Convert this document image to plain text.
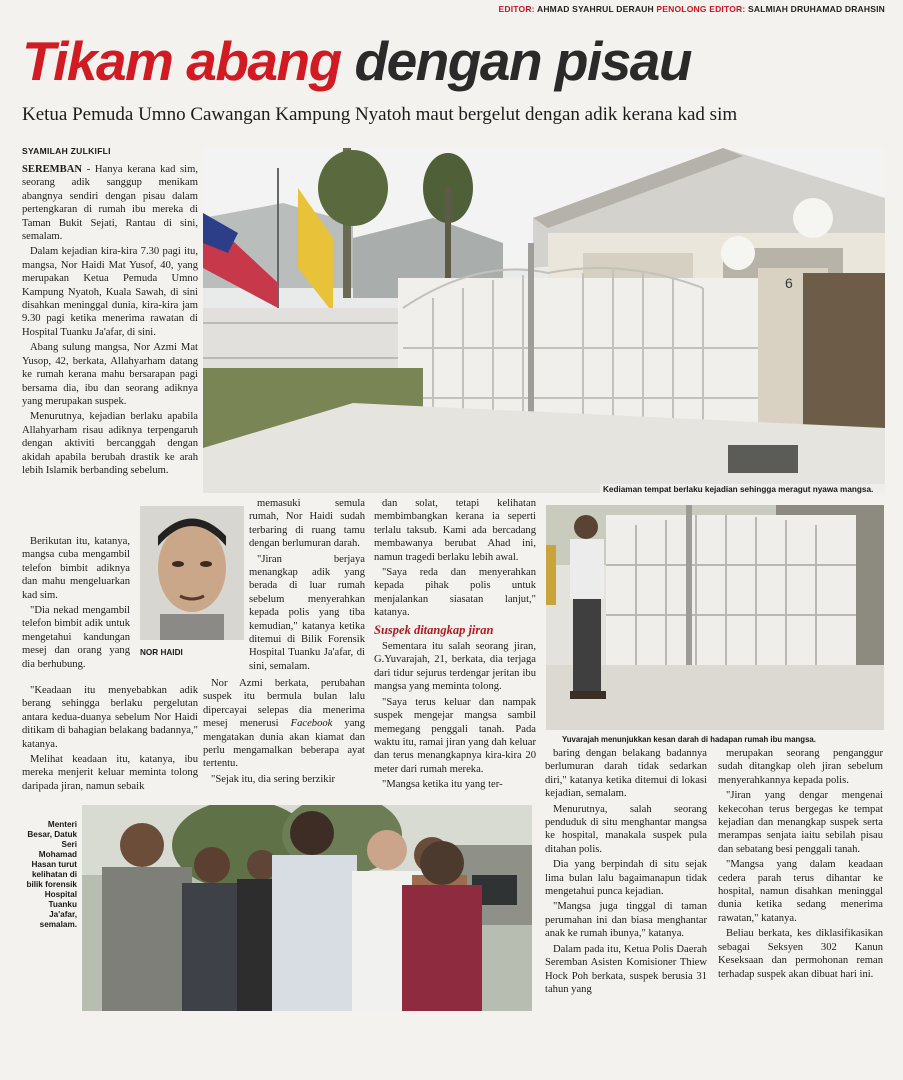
EDITOR: AHMAD SYAHRUL DERAUH PENOLONG EDITOR: SALMIAH DRUHAMAD DRAHSIN
Tikam abang dengan pisau
Ketua Pemuda Umno Cawangan Kampung Nyatoh maut bergelut dengan adik kerana kad sim
SYAMILAH ZULKIFLI

SEREMBAN - Hanya kerana kad sim, seorang adik sanggup menikam abangnya sendiri dengan pisau dalam pertengkaran di rumah ibu mereka di Taman Bukit Sejati, Rantau di sini, semalam.

Dalam kejadian kira-kira 7.30 pagi itu, mangsa, Nor Haidi Mat Yusof, 40, yang merupakan Ketua Pemuda Umno Kampung Nyatoh, Kuala Sawah, di sini disahkan meninggal dunia, kira-kira jam 9.30 pagi ketika menerima rawatan di Hospital Tuanku Ja'afar, di sini.

Abang sulung mangsa, Nor Azmi Mat Yusop, 42, berkata, Allahyarham datang ke rumah kerana mahu bersarapan pagi bersama dia, ibu dan seorang adiknya yang merupakan suspek.

Menurutnya, kejadian berlaku apabila Allahyarham risau adiknya terpengaruh dengan aktiviti bercanggah dengan akidah apabila berubah drastik ke arah lebih Islamik berbanding sebelum.

Berikutan itu, katanya, mangsa cuba mengambil telefon bimbit adiknya dan mahu mengeluarkan kad sim.

"Dia nekad mengambil telefon bimbit adik untuk mengetahui kandungan mesej dan orang yang dia berhubung.

"Keadaan itu menyebabkan adik berang sehingga berlaku pergelutan antara kedua-duanya sebelum Nor Haidi ditikam di bahagian belakang badannya," katanya.

Melihat keadaan itu, katanya, ibu mereka menjerit keluar meminta tolong daripada jiran, namun sebaik

6
Kediaman tempat berlaku kejadian sehingga meragut nyawa mangsa.
NOR HAIDI

memasuki semula rumah, Nor Haidi sudah terbaring di ruang tamu dengan berlumuran darah.

"Jiran berjaya menangkap adik yang berada di luar rumah sebelum menyerahkan kepada polis yang tiba kemudian," katanya ketika ditemui di Bilik Forensik Hospital Tuanku Ja'afar, di sini, semalam.

Nor Azmi berkata, perubahan suspek itu bermula bulan lalu dipercayai selepas dia menerima mesej menerusi Facebook yang mengatakan dunia akan kiamat dan perlu mengamalkan beberapa ayat tertentu.

"Sejak itu, dia sering berzikir

dan solat, tetapi kelihatan membimbangkan kerana ia seperti terlalu taksub. Kami ada bercadang membawanya berubat Ahad ini, namun tragedi berlaku lebih awal.

"Saya reda dan menyerahkan kepada pihak polis untuk menjalankan siasatan lanjut," katanya.

Suspek ditangkap jiran

Sementara itu salah seorang jiran, G.Yuvarajah, 21, berkata, dia terjaga dari tidur sejurus terdengar jeritan ibu mangsa yang meminta tolong.

"Saya terus keluar dan nampak suspek mengejar mangsa sambil memegang penggali tanah. Pada waktu itu, ramai jiran yang dah keluar dan terus menangkapnya kira-kira 20 meter dari rumah mereka.

"Mangsa ketika itu yang ter-

Yuvarajah menunjukkan kesan darah di hadapan rumah ibu mangsa.
Menteri Besar, Datuk Seri Mohamad Hasan turut kelihatan di bilik forensik Hospital Tuanku Ja'afar, semalam.

baring dengan belakang badannya berlumuran darah tidak sedarkan diri," katanya ketika ditemui di lokasi kejadian, semalam.

Menurutnya, salah seorang penduduk di situ menghantar mangsa ke hospital, manakala suspek pula ditahan polis.

Dia yang berpindah di situ sejak lima bulan lalu bagaimanapun tidak mengetahui punca kejadian.

"Mangsa juga tinggal di taman perumahan ini dan biasa menghantar anak ke rumah ibunya," katanya.

Dalam pada itu, Ketua Polis Daerah Seremban Asisten Komisioner Thiew Hock Poh berkata, suspek berusia 31 tahun yang

merupakan seorang penganggur sudah ditangkap oleh jiran sebelum menyerahkannya kepada polis.

"Jiran yang dengar mengenai kekecohan terus bergegas ke tempat kejadian dan menangkap suspek serta merampas senjata iaitu sebilah pisau dan sebatang besi penggali tanah.

"Mangsa yang dalam keadaan cedera parah terus dihantar ke hospital, namun disahkan meninggal dunia ketika sedang menerima rawatan," katanya.

Beliau berkata, kes diklasifikasikan sebagai Seksyen 302 Kanun Keseksaan dan permohonan reman terhadap suspek akan dibuat hari ini.
